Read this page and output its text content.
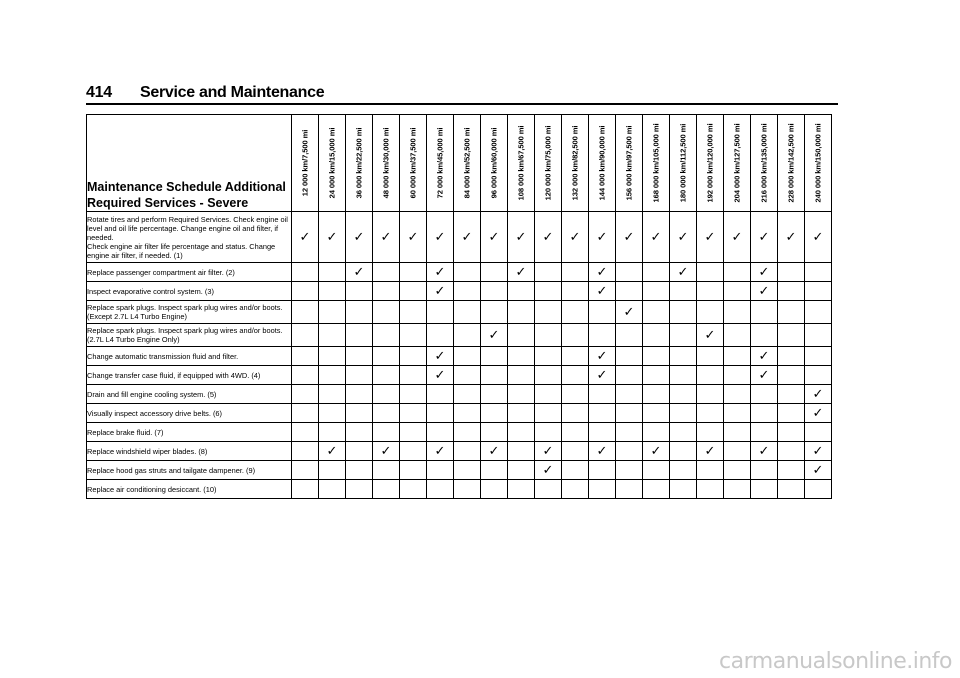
414 Service and Maintenance
Maintenance Schedule Additional Required Services - Severe	12 000 km/7,500 mi	24 000 km/15,000 mi	36 000 km/22,500 mi	48 000 km/30,000 mi	60 000 km/37,500 mi	72 000 km/45,000 mi	84 000 km/52,500 mi	96 000 km/60,000 mi	108 000 km/67,500 mi	120 000 km/75,000 mi	132 000 km/82,500 mi	144 000 km/90,000 mi	156 000 km/97,500 mi	168 000 km/105,000 mi	180 000 km/112,500 mi	192 000 km/120,000 mi	204 000 km/127,500 mi	216 000 km/135,000 mi	228 000 km/142,500 mi	240 000 km/150,000 mi

Rotate tires and perform Required Services. Check engine oil level and oil life percentage. Change engine oil and filter, if needed.
Check engine air filter life percentage and status. Change engine air filter, if needed. (1)	✓	✓	✓	✓	✓	✓	✓	✓	✓	✓	✓	✓	✓	✓	✓	✓	✓	✓	✓	✓
Replace passenger compartment air filter. (2)			✓			✓			✓			✓			✓			✓		
Inspect evaporative control system. (3)						✓						✓						✓		
Replace spark plugs. Inspect spark plug wires and/or boots.
(Except 2.7L L4 Turbo Engine)													✓							
Replace spark plugs. Inspect spark plug wires and/or boots.
(2.7L L4 Turbo Engine Only)								✓								✓				
Change automatic transmission fluid and filter.						✓						✓						✓		
Change transfer case fluid, if equipped with 4WD. (4)						✓						✓						✓		
Drain and fill engine cooling system. (5)																				✓
Visually inspect accessory drive belts. (6)																				✓
Replace brake fluid. (7)																				
Replace windshield wiper blades. (8)		✓		✓		✓		✓		✓		✓		✓		✓		✓		✓
Replace hood gas struts and tailgate dampener. (9)										✓										✓
Replace air conditioning desiccant. (10)																				
carmanualsonline.info
